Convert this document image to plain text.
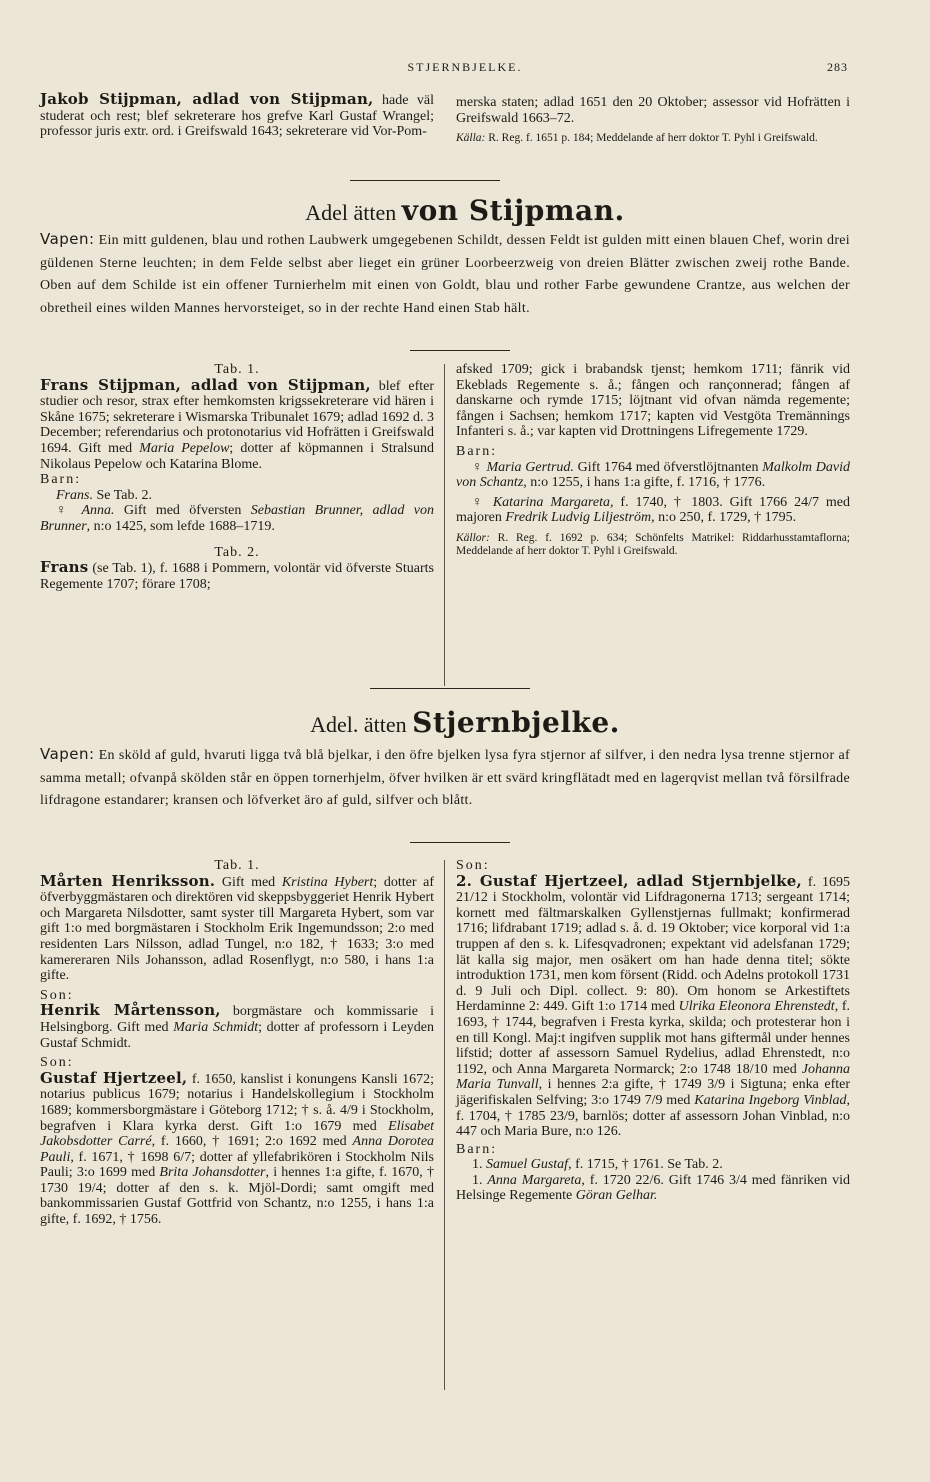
STJERNBJELKE.	283

Jakob Stijpman, adlad von Stijpman, hade väl studerat och rest; blef sekreterare hos grefve Karl Gustaf Wrangel; professor juris extr. ord. i Greifswald 1643; sekreterare vid Vor-Pom-

merska staten; adlad 1651 den 20 Oktober; assessor vid Hofrätten i Greifswald 1663–72.

Källa: R. Reg. f. 1651 p. 184; Meddelande af herr doktor T. Pyhl i Greifswald.

Adel ätten von Stijpman.
Vapen: Ein mitt guldenen, blau und rothen Laubwerk umgegebenen Schildt, dessen Feldt ist gulden mitt einen blauen Chef, worin drei güldenen Sterne leuchten; in dem Felde selbst aber lieget ein grüner Loorbeerzweig von dreien Blätter zwischen zweij rothe Bande. Oben auf dem Schilde ist ein offener Turnierhelm mit einen von Goldt, blau und rother Farbe gewundene Crantze, aus welchen der obretheil eines wilden Mannes hervorsteiget, so in der rechte Hand einen Stab hält.

Tab. 1.

Frans Stijpman, adlad von Stijpman, blef efter studier och resor, strax efter hemkomsten krigssekreterare vid hären i Skåne 1675; sekreterare i Wismarska Tribunalet 1679; adlad 1692 d. 3 December; referendarius och protonotarius vid Hofrätten i Greifswald 1694. Gift med Maria Pepelow; dotter af köpmannen i Stralsund Nikolaus Pepelow och Katarina Blome.

Barn:

Frans. Se Tab. 2.

♀ Anna. Gift med öfversten Sebastian Brunner, adlad von Brunner, n:o 1425, som lefde 1688–1719.

Tab. 2.

Frans (se Tab. 1), f. 1688 i Pommern, volontär vid öfverste Stuarts Regemente 1707; förare 1708;

afsked 1709; gick i brabandsk tjenst; hemkom 1711; fänrik vid Ekeblads Regemente s. å.; fången och rançonnerad; fången af danskarne och rymde 1715; löjtnant vid ofvan nämda regemente; fången i Sachsen; hemkom 1717; kapten vid Vestgöta Tremännings Infanteri s. å.; var kapten vid Drottningens Lifregemente 1729.

Barn:

♀ Maria Gertrud. Gift 1764 med öfverstlöjtnanten Malkolm David von Schantz, n:o 1255, i hans 1:a gifte, f. 1716, † 1776.

♀ Katarina Margareta, f. 1740, † 1803. Gift 1766 24/7 med majoren Fredrik Ludvig Liljeström, n:o 250, f. 1729, † 1795.

Källor: R. Reg. f. 1692 p. 634; Schönfelts Matrikel: Riddarhusstamtaflorna; Meddelande af herr doktor T. Pyhl i Greifswald.

Adel. ätten Stjernbjelke.
Vapen: En sköld af guld, hvaruti ligga två blå bjelkar, i den öfre bjelken lysa fyra stjernor af silfver, i den nedra lysa trenne stjernor af samma metall; ofvanpå skölden står en öppen tornerhjelm, öfver hvilken är ett svärd kringflätadt med en lagerqvist mellan två försilfrade lifdragone estandarer; kransen och löfverket äro af guld, silfver och blått.

Tab. 1.

Mårten Henriksson. Gift med Kristina Hybert; dotter af öfverbyggmästaren och direktören vid skeppsbyggeriet Henrik Hybert och Margareta Nilsdotter, samt syster till Margareta Hybert, som var gift 1:o med borgmästaren i Stockholm Erik Ingemundsson; 2:o med residenten Lars Nilsson, adlad Tungel, n:o 182, † 1633; 3:o med kamereraren Nils Johansson, adlad Rosenflygt, n:o 580, i hans 1:a gifte.

Son:

Henrik Mårtensson, borgmästare och kommissarie i Helsingborg. Gift med Maria Schmidt; dotter af professorn i Leyden Gustaf Schmidt.

Son:

Gustaf Hjertzeel, f. 1650, kanslist i konungens Kansli 1672; notarius publicus 1679; notarius i Handelskollegium i Stockholm 1689; kommersborgmästare i Göteborg 1712; † s. å. 4/9 i Stockholm, begrafven i Klara kyrka derst. Gift 1:o 1679 med Elisabet Jakobsdotter Carré, f. 1660, † 1691; 2:o 1692 med Anna Dorotea Pauli, f. 1671, † 1698 6/7; dotter af yllefabrikören i Stockholm Nils Pauli; 3:o 1699 med Brita Johansdotter, i hennes 1:a gifte, f. 1670, † 1730 19/4; dotter af den s. k. Mjöl-Dordi; samt omgift med bankommissarien Gustaf Gottfrid von Schantz, n:o 1255, i hans 1:a gifte, f. 1692, † 1756.

Son:

2. Gustaf Hjertzeel, adlad Stjernbjelke, f. 1695 21/12 i Stockholm, volontär vid Lifdragonerna 1713; sergeant 1714; kornett med fältmarskalken Gyllenstjernas fullmakt; konfirmerad 1716; lifdrabant 1719; adlad s. å. d. 19 Oktober; vice korporal vid 1:a truppen af den s. k. Lifesqvadronen; expektant vid adelsfanan 1729; lät kalla sig major, men osäkert om han hade denna titel; sökte introduktion 1731, men kom försent (Ridd. och Adelns protokoll 1731 d. 9 Juli och Dipl. collect. 9: 80). Om honom se Arkestiftets Herdaminne 2: 449. Gift 1:o 1714 med Ulrika Eleonora Ehrenstedt, f. 1693, † 1744, begrafven i Fresta kyrka, skilda; och protesterar hon i en till Kongl. Maj:t ingifven supplik mot hans giftermål under hennes lifstid; dotter af assessorn Samuel Rydelius, adlad Ehrenstedt, n:o 1192, och Anna Margareta Normarck; 2:o 1748 18/10 med Johanna Maria Tunvall, i hennes 2:a gifte, † 1749 3/9 i Sigtuna; enka efter jägerifiskalen Selfving; 3:o 1749 7/9 med Katarina Ingeborg Vinblad, f. 1704, † 1785 23/9, barnlös; dotter af assessorn Johan Vinblad, n:o 447 och Maria Bure, n:o 126.

Barn:

1. Samuel Gustaf, f. 1715, † 1761. Se Tab. 2.

1. Anna Margareta, f. 1720 22/6. Gift 1746 3/4 med fänriken vid Helsinge Regemente Göran Gelhar.
